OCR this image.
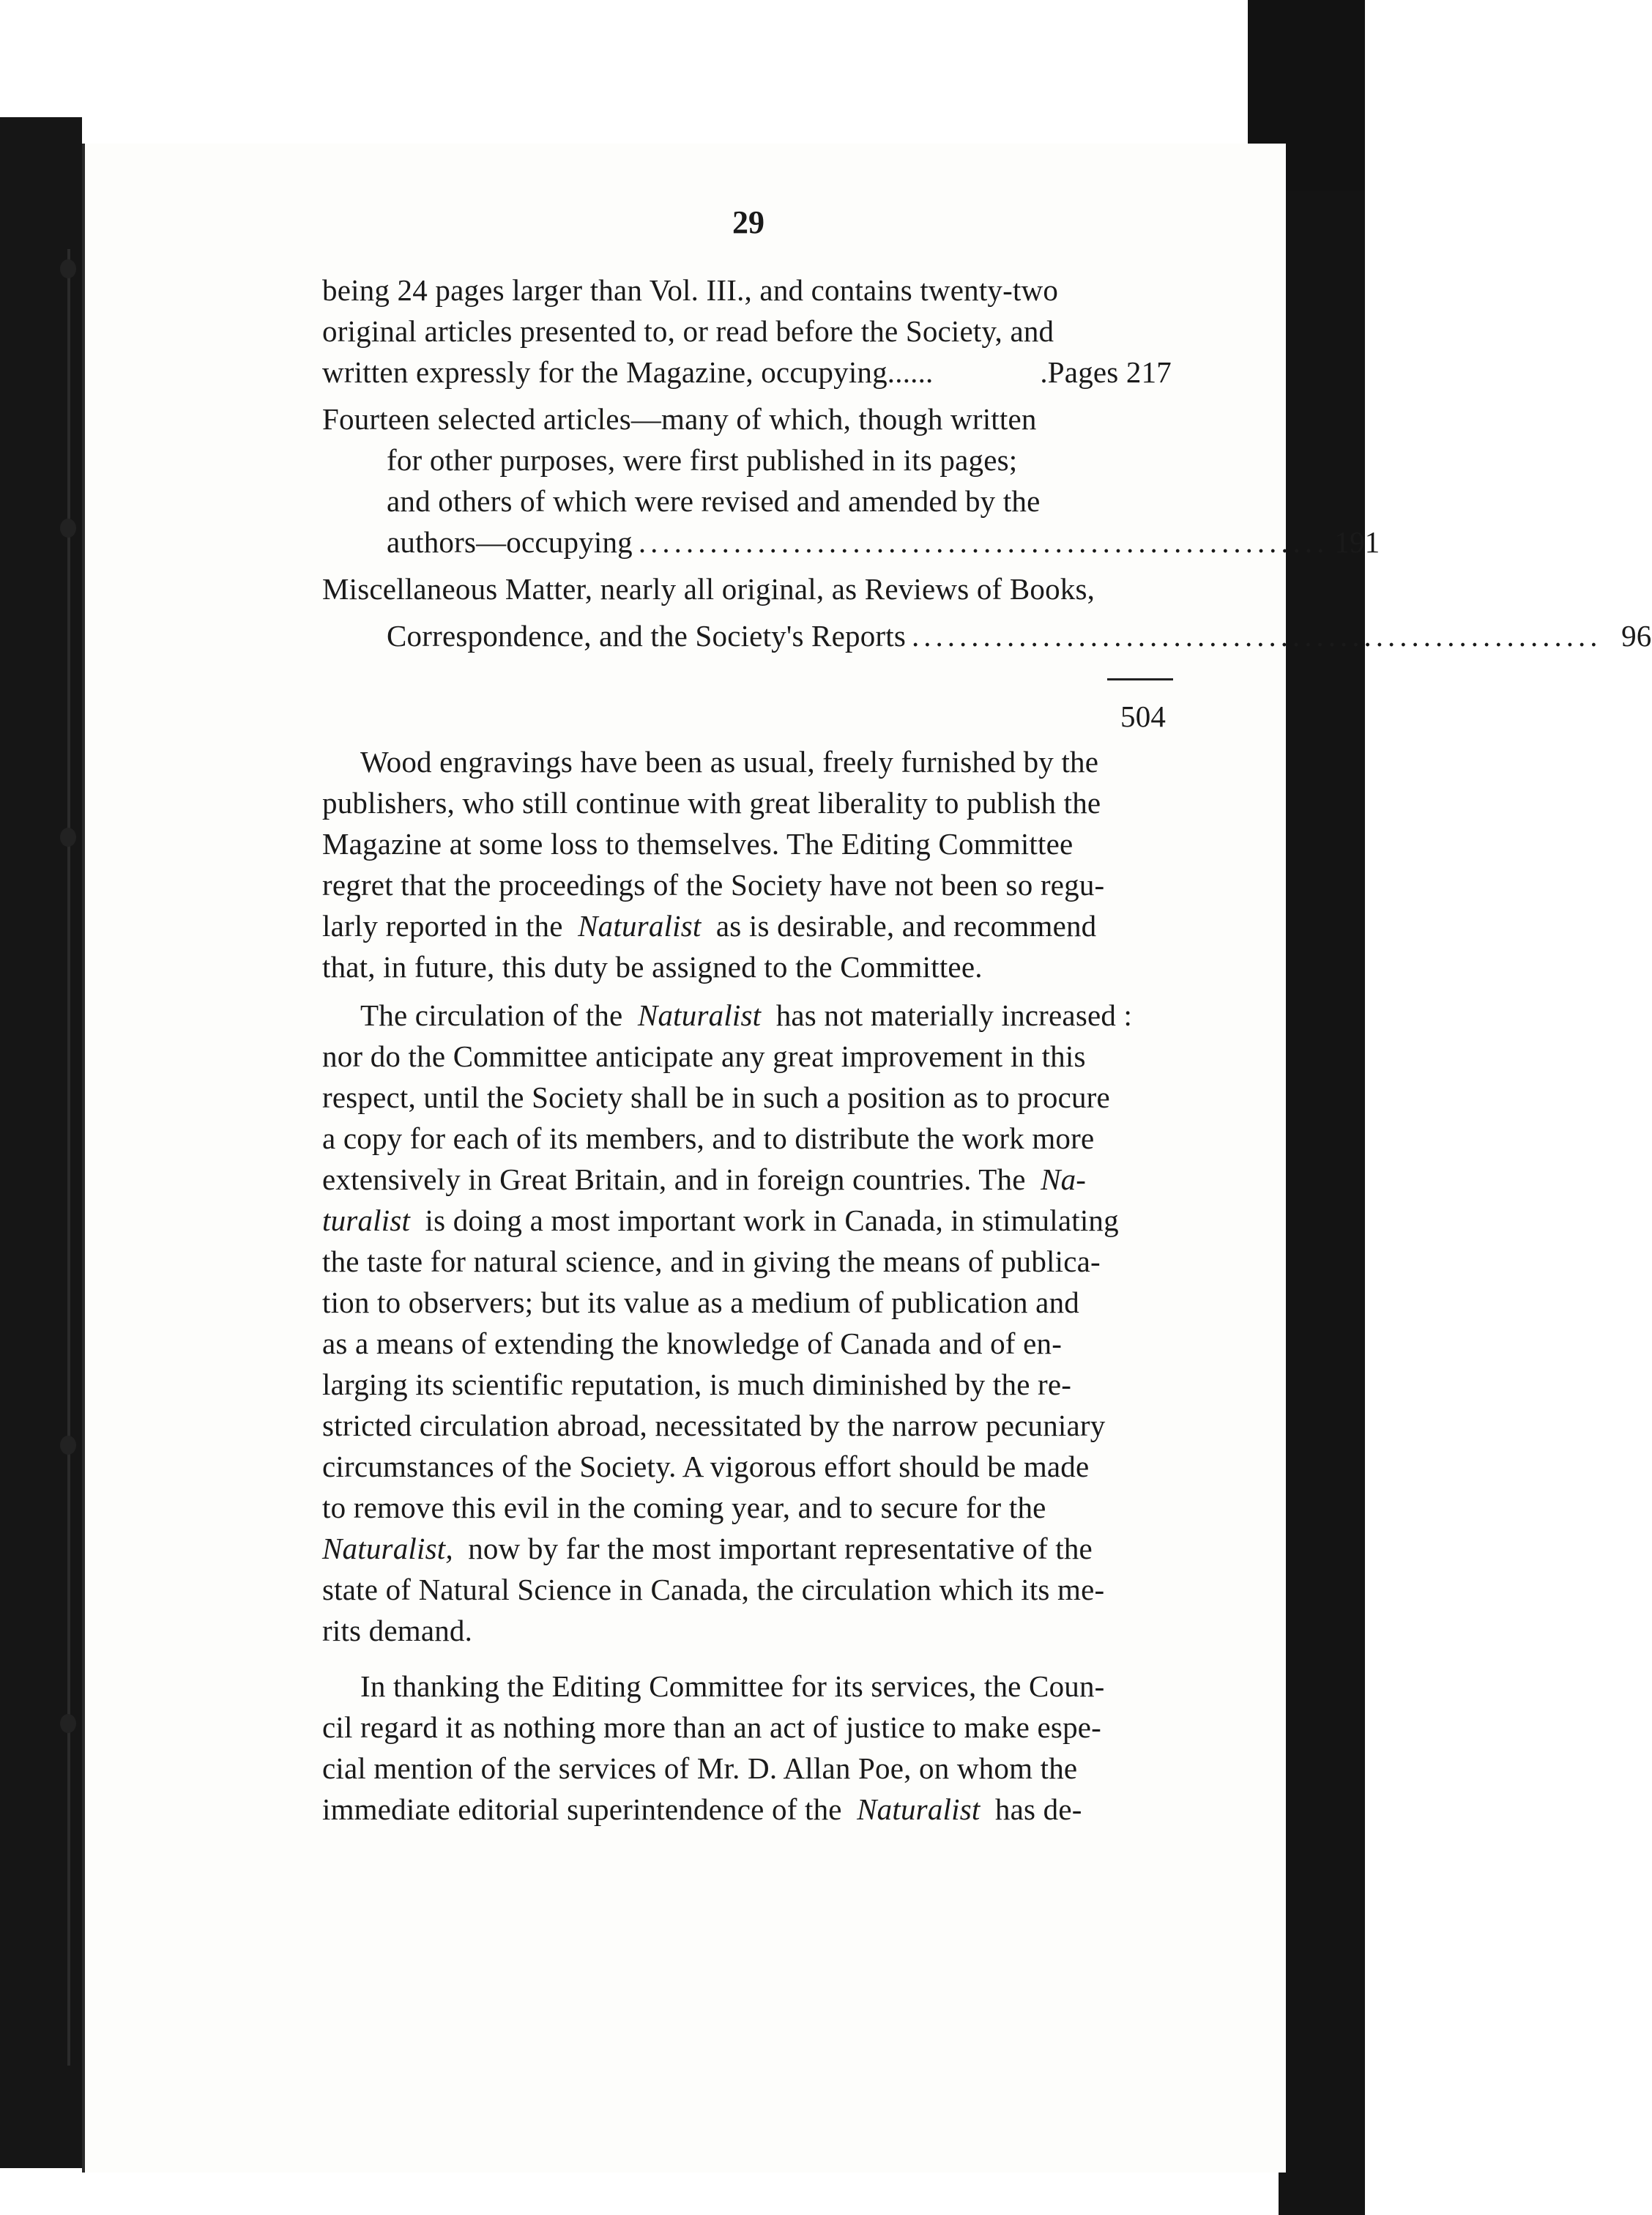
29
being 24 pages larger than Vol. III., and contains twenty-two
original articles presented to, or read before the Society, and
written expressly for the Magazine, occupying......	.Pages 217
Fourteen selected articles—many of which, though written
for other purposes, were first published in its pages;
and others of which were revised and amended by the
authors—occupying .......................................................... 191
Miscellaneous Matter, nearly all original, as Reviews of Books,
Correspondence, and the Society's Reports .......................................................... 96
504
Wood engravings have been as usual, freely furnished by the
publishers, who still continue with great liberality to publish the
Magazine at some loss to themselves. The Editing Committee
regret that the proceedings of the Society have not been so regu-
larly reported in the Naturalist as is desirable, and recommend
that, in future, this duty be assigned to the Committee.
The circulation of the Naturalist has not materially increased :
nor do the Committee anticipate any great improvement in this
respect, until the Society shall be in such a position as to procure
a copy for each of its members, and to distribute the work more
extensively in Great Britain, and in foreign countries. The Na-
turalist is doing a most important work in Canada, in stimulating
the taste for natural science, and in giving the means of publica-
tion to observers; but its value as a medium of publication and
as a means of extending the knowledge of Canada and of en-
larging its scientific reputation, is much diminished by the re-
stricted circulation abroad, necessitated by the narrow pecuniary
circumstances of the Society. A vigorous effort should be made
to remove this evil in the coming year, and to secure for the
Naturalist, now by far the most important representative of the
state of Natural Science in Canada, the circulation which its me-
rits demand.
In thanking the Editing Committee for its services, the Coun-
cil regard it as nothing more than an act of justice to make espe-
cial mention of the services of Mr. D. Allan Poe, on whom the
immediate editorial superintendence of the Naturalist has de-
